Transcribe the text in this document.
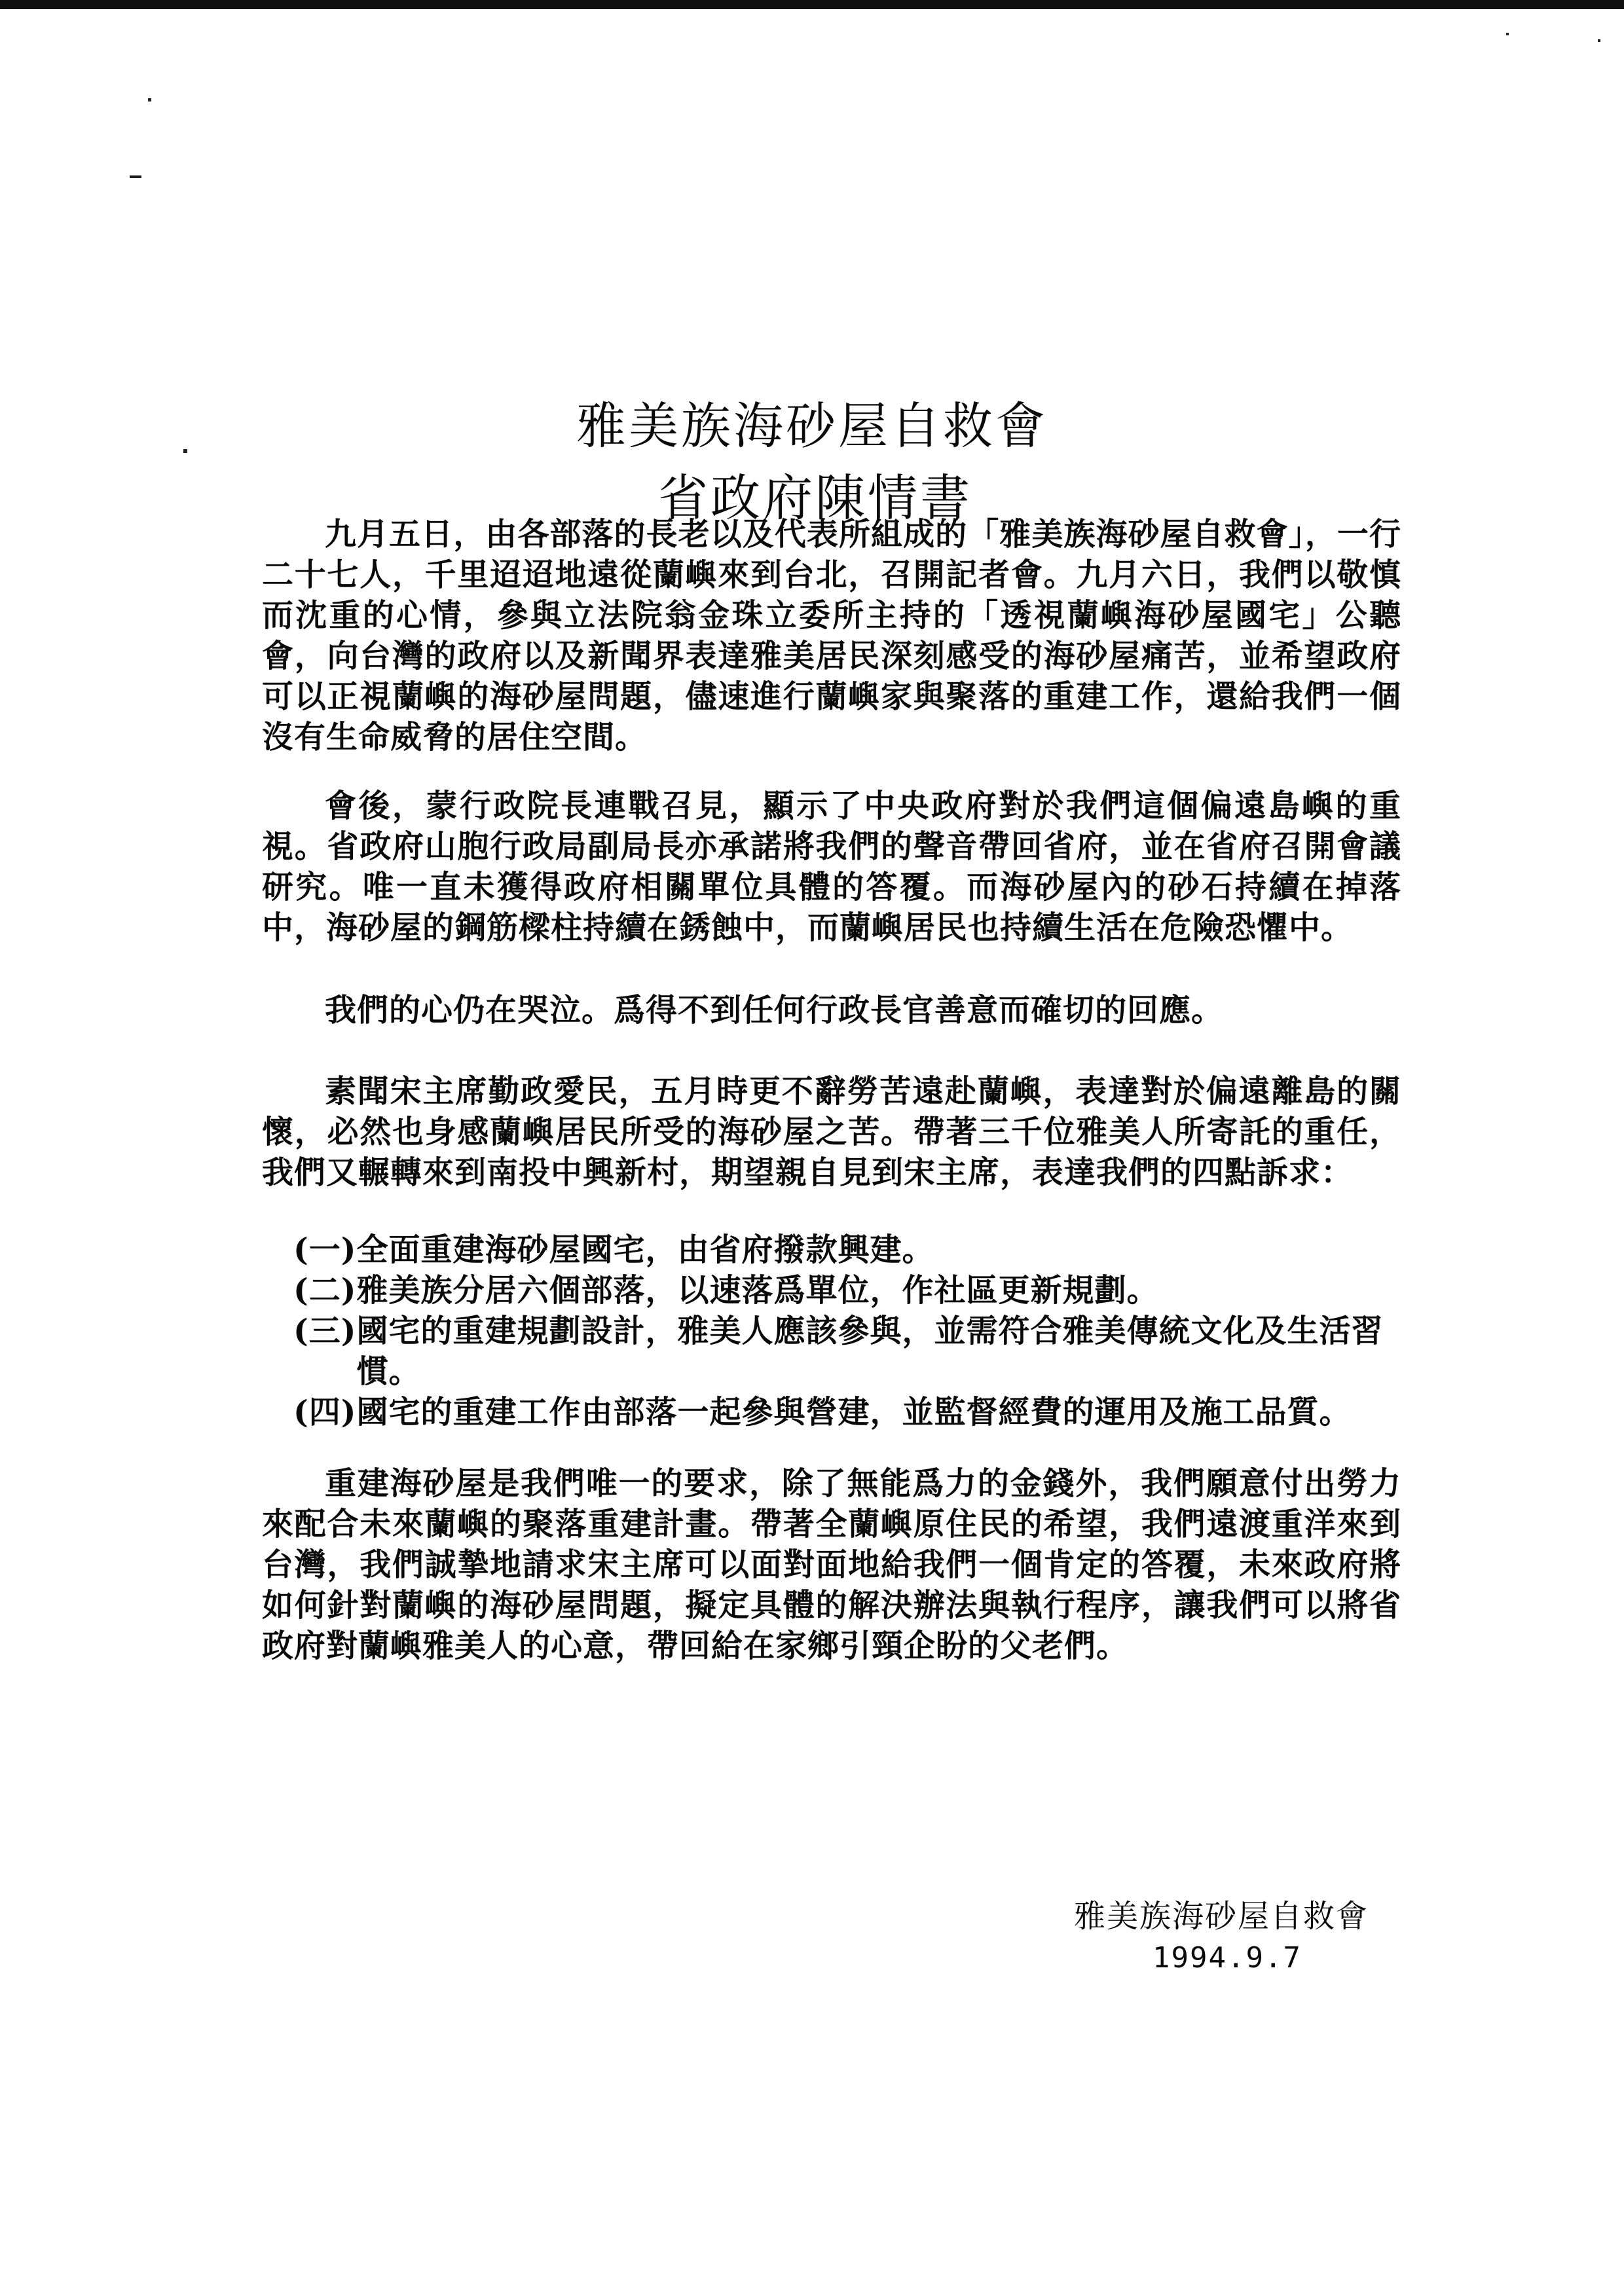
雅美族海砂屋自救會
省政府陳情書

九月五日，由各部落的長老以及代表所組成的「雅美族海砂屋自救會」，一行二十七人，千里迢迢地遠從蘭嶼來到台北，召開記者會。九月六日，我們以敬慎而沈重的心情，參與立法院翁金珠立委所主持的「透視蘭嶼海砂屋國宅」公聽會，向台灣的政府以及新聞界表達雅美居民深刻感受的海砂屋痛苦，並希望政府可以正視蘭嶼的海砂屋問題，儘速進行蘭嶼家與聚落的重建工作，還給我們一個沒有生命威脅的居住空間。

會後，蒙行政院長連戰召見，顯示了中央政府對於我們這個偏遠島嶼的重視。省政府山胞行政局副局長亦承諾將我們的聲音帶回省府，並在省府召開會議研究。唯一直未獲得政府相關單位具體的答覆。而海砂屋內的砂石持續在掉落中，海砂屋的鋼筋樑柱持續在銹蝕中，而蘭嶼居民也持續生活在危險恐懼中。

我們的心仍在哭泣。爲得不到任何行政長官善意而確切的回應。

素聞宋主席勤政愛民，五月時更不辭勞苦遠赴蘭嶼，表達對於偏遠離島的關懷，必然也身感蘭嶼居民所受的海砂屋之苦。帶著三千位雅美人所寄託的重任，我們又輾轉來到南投中興新村，期望親自見到宋主席，表達我們的四點訴求：

(一) 全面重建海砂屋國宅，由省府撥款興建。
(二) 雅美族分居六個部落，以速落爲單位，作社區更新規劃。
(三) 國宅的重建規劃設計，雅美人應該參與，並需符合雅美傳統文化及生活習慣。
(四) 國宅的重建工作由部落一起參與營建，並監督經費的運用及施工品質。

重建海砂屋是我們唯一的要求，除了無能爲力的金錢外，我們願意付出勞力來配合未來蘭嶼的聚落重建計畫。帶著全蘭嶼原住民的希望，我們遠渡重洋來到台灣，我們誠摯地請求宋主席可以面對面地給我們一個肯定的答覆，未來政府將如何針對蘭嶼的海砂屋問題，擬定具體的解決辦法與執行程序，讓我們可以將省政府對蘭嶼雅美人的心意，帶回給在家鄉引頸企盼的父老們。

雅美族海砂屋自救會
1994.9.7
